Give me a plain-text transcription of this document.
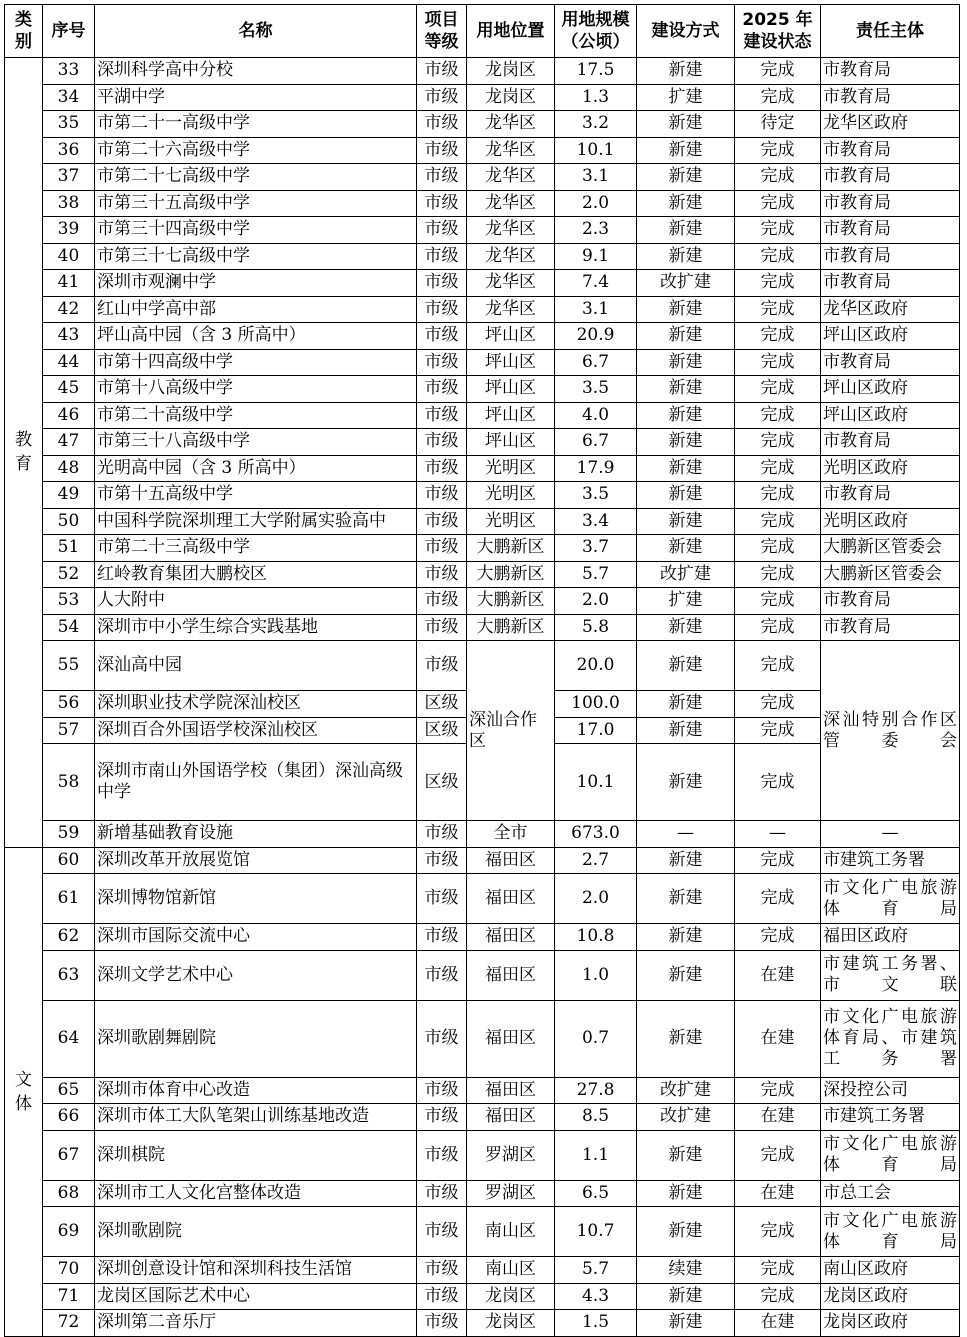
类别	序号	名称	项目等级	用地位置	用地规模（公顷）	建设方式	2025 年建设状态	责任主体
教育	33	深圳科学高中分校	市级	龙岗区	17.5	新建	完成	市教育局
	34	平湖中学	市级	龙岗区	1.3	扩建	完成	市教育局
	35	市第二十一高级中学	市级	龙华区	3.2	新建	待定	龙华区政府
	36	市第二十六高级中学	市级	龙华区	10.1	新建	完成	市教育局
	37	市第二十七高级中学	市级	龙华区	3.1	新建	完成	市教育局
	38	市第三十五高级中学	市级	龙华区	2.0	新建	完成	市教育局
	39	市第三十四高级中学	市级	龙华区	2.3	新建	完成	市教育局
	40	市第三十七高级中学	市级	龙华区	9.1	新建	完成	市教育局
	41	深圳市观澜中学	市级	龙华区	7.4	改扩建	完成	市教育局
	42	红山中学高中部	市级	龙华区	3.1	新建	完成	龙华区政府
	43	坪山高中园（含 3 所高中）	市级	坪山区	20.9	新建	完成	坪山区政府
	44	市第十四高级中学	市级	坪山区	6.7	新建	完成	市教育局
	45	市第十八高级中学	市级	坪山区	3.5	新建	完成	坪山区政府
	46	市第二十高级中学	市级	坪山区	4.0	新建	完成	坪山区政府
	47	市第三十八高级中学	市级	坪山区	6.7	新建	完成	市教育局
	48	光明高中园（含 3 所高中）	市级	光明区	17.9	新建	完成	光明区政府
	49	市第十五高级中学	市级	光明区	3.5	新建	完成	市教育局
	50	中国科学院深圳理工大学附属实验高中	市级	光明区	3.4	新建	完成	光明区政府
	51	市第二十三高级中学	市级	大鹏新区	3.7	新建	完成	大鹏新区管委会
	52	红岭教育集团大鹏校区	市级	大鹏新区	5.7	改扩建	完成	大鹏新区管委会
	53	人大附中	市级	大鹏新区	2.0	扩建	完成	市教育局
	54	深圳市中小学生综合实践基地	市级	大鹏新区	5.8	新建	完成	市教育局
	55	深汕高中园	市级	深汕合作区	20.0	新建	完成	深汕特别合作区管委会
	56	深圳职业技术学院深汕校区	区级		100.0	新建	完成	
	57	深圳百合外国语学校深汕校区	区级		17.0	新建	完成	
	58	深圳市南山外国语学校（集团）深汕高级中学	区级		10.1	新建	完成	
	59	新增基础教育设施	市级	全市	673.0	—	—	—
文体	60	深圳改革开放展览馆	市级	福田区	2.7	新建	完成	市建筑工务署
	61	深圳博物馆新馆	市级	福田区	2.0	新建	完成	市文化广电旅游体育局
	62	深圳市国际交流中心	市级	福田区	10.8	新建	完成	福田区政府
	63	深圳文学艺术中心	市级	福田区	1.0	新建	在建	市建筑工务署、市文联
	64	深圳歌剧舞剧院	市级	福田区	0.7	新建	在建	市文化广电旅游体育局、市建筑工务署
	65	深圳市体育中心改造	市级	福田区	27.8	改扩建	完成	深投控公司
	66	深圳市体工大队笔架山训练基地改造	市级	福田区	8.5	改扩建	在建	市建筑工务署
	67	深圳棋院	市级	罗湖区	1.1	新建	完成	市文化广电旅游体育局
	68	深圳市工人文化宫整体改造	市级	罗湖区	6.5	新建	在建	市总工会
	69	深圳歌剧院	市级	南山区	10.7	新建	完成	市文化广电旅游体育局
	70	深圳创意设计馆和深圳科技生活馆	市级	南山区	5.7	续建	完成	南山区政府
	71	龙岗区国际艺术中心	市级	龙岗区	4.3	新建	完成	龙岗区政府
	72	深圳第二音乐厅	市级	龙岗区	1.5	新建	在建	龙岗区政府
